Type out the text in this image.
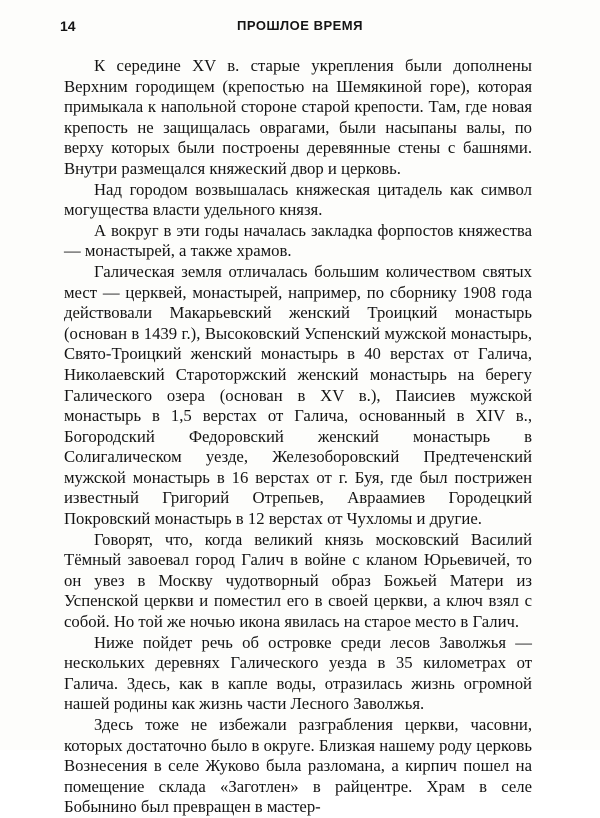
14	ПРОШЛОЕ ВРЕМЯ

К середине XV в. старые укрепления были дополнены Верхним городищем (крепостью на Шемякиной горе), которая примыкала к напольной стороне старой крепости. Там, где новая крепость не защищалась оврагами, были насыпаны валы, по верху которых были построены деревянные стены с башнями. Внутри размещался княжеский двор и церковь.

Над городом возвышалась княжеская цитадель как символ могущества власти удельного князя.

А вокруг в эти годы началась закладка форпостов княжества — монастырей, а также храмов.

Галическая земля отличалась большим количеством святых мест — церквей, монастырей, например, по сборнику 1908 года действовали Макарьевский женский Троицкий монастырь (основан в 1439 г.), Высоковский Успенский мужской монастырь, Свято-Троицкий женский монастырь в 40 верстах от Галича, Николаевский Староторжский женский монастырь на берегу Галического озера (основан в XV в.), Паисиев мужской монастырь в 1,5 верстах от Галича, основанный в XIV в., Богородский Федоровский женский монастырь в Солигалическом уезде, Железоборовский Предтеченский мужской монастырь в 16 верстах от г. Буя, где был пострижен известный Григорий Отрепьев, Авраамиев Городецкий Покровский монастырь в 12 верстах от Чухломы и другие.

Говорят, что, когда великий князь московский Василий Тёмный завоевал город Галич в войне с кланом Юрьевичей, то он увез в Москву чудотворный образ Божьей Матери из Успенской церкви и поместил его в своей церкви, а ключ взял с собой. Но той же ночью икона явилась на старое место в Галич.

Ниже пойдет речь об островке среди лесов Заволжья — нескольких деревнях Галического уезда в 35 километрах от Галича. Здесь, как в капле воды, отразилась жизнь огромной нашей родины как жизнь части Лесного Заволжья.

Здесь тоже не избежали разграбления церкви, часовни, которых достаточно было в округе. Близкая нашему роду церковь Вознесения в селе Жуково была разломана, а кирпич пошел на помещение склада «Заготлен» в райцентре. Храм в селе Бобынино был превращен в мастер-
